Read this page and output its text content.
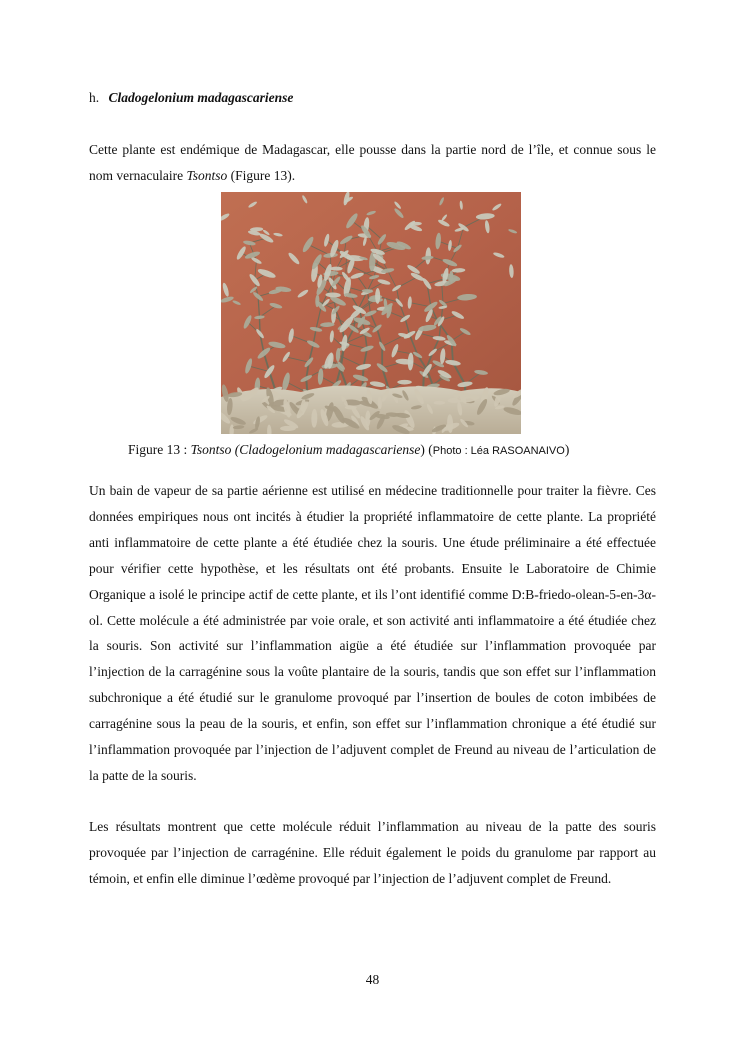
h. Cladogelonium madagascariense

Cette plante est endémique de Madagascar, elle pousse dans la partie nord de l’île, et connue sous le nom vernaculaire Tsontso (Figure 13).

Figure 13 : Tsontso (Cladogelonium madagascariense) (Photo : Léa RASOANAIVO)

Un bain de vapeur de sa partie aérienne est utilisé en médecine traditionnelle pour traiter la fièvre. Ces données empiriques nous ont incités à étudier la propriété inflammatoire de cette plante. La propriété anti inflammatoire de cette plante a été étudiée chez la souris. Une étude préliminaire a été effectuée pour vérifier cette hypothèse, et les résultats ont été probants. Ensuite le Laboratoire de Chimie Organique a isolé le principe actif de cette plante, et ils l’ont identifié comme D:B-friedo-olean-5-en-3α-ol. Cette molécule a été administrée par voie orale, et son activité anti inflammatoire a été étudiée chez la souris. Son activité sur l’inflammation aigüe a été étudiée sur l’inflammation provoquée par l’injection de la carragénine sous la voûte plantaire de la souris, tandis que son effet sur l’inflammation subchronique a été étudié sur le granulome provoqué par l’insertion de boules de coton imbibées de carragénine sous la peau de la souris, et enfin, son effet sur l’inflammation chronique a été étudié sur l’inflammation provoquée par l’injection de l’adjuvent complet de Freund au niveau de l’articulation de la patte de la souris.

Les résultats montrent que cette molécule réduit l’inflammation au niveau de la patte des souris provoquée par l’injection de carragénine. Elle réduit également le poids du granulome par rapport au témoin, et enfin elle diminue l’œdème provoqué par l’injection de l’adjuvent complet de Freund.

48
